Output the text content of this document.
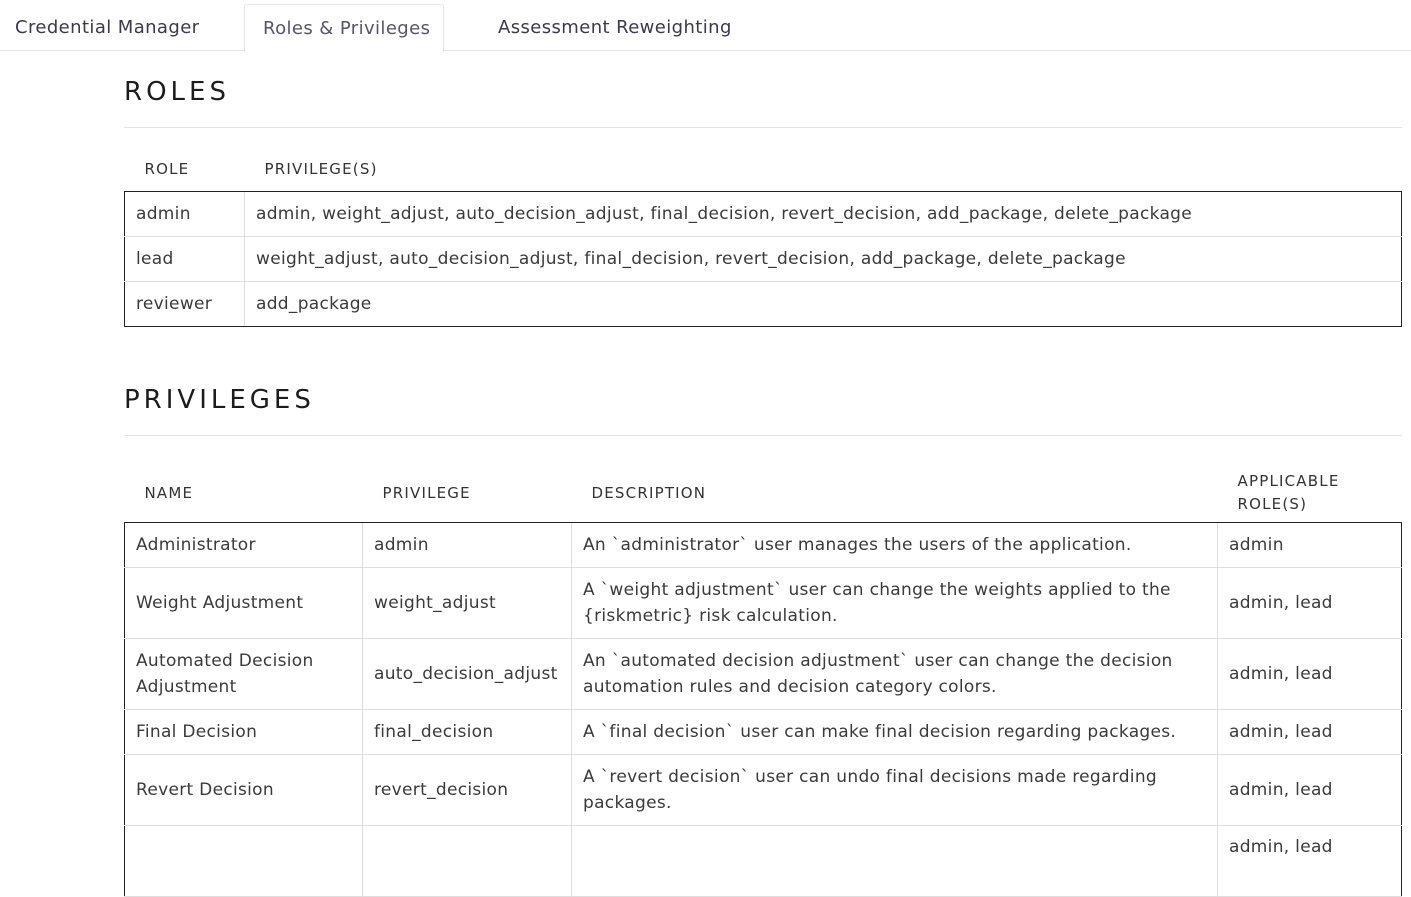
Credential Manager	Roles & Privileges	Assessment Reweighting
ROLES
ROLE	PRIVILEGE(S)
admin	admin, weight_adjust, auto_decision_adjust, final_decision, revert_decision, add_package, delete_package
lead	weight_adjust, auto_decision_adjust, final_decision, revert_decision, add_package, delete_package
reviewer	add_package
PRIVILEGES
NAME	PRIVILEGE	DESCRIPTION	APPLICABLE ROLE(S)
Administrator	admin	An `administrator` user manages the users of the application.	admin
Weight Adjustment	weight_adjust	A `weight adjustment` user can change the weights applied to the {riskmetric} risk calculation.	admin, lead
Automated Decision Adjustment	auto_decision_adjust	An `automated decision adjustment` user can change the decision automation rules and decision category colors.	admin, lead
Final Decision	final_decision	A `final decision` user can make final decision regarding packages.	admin, lead
Revert Decision	revert_decision	A `revert decision` user can undo final decisions made regarding packages.	admin, lead
			admin, lead
